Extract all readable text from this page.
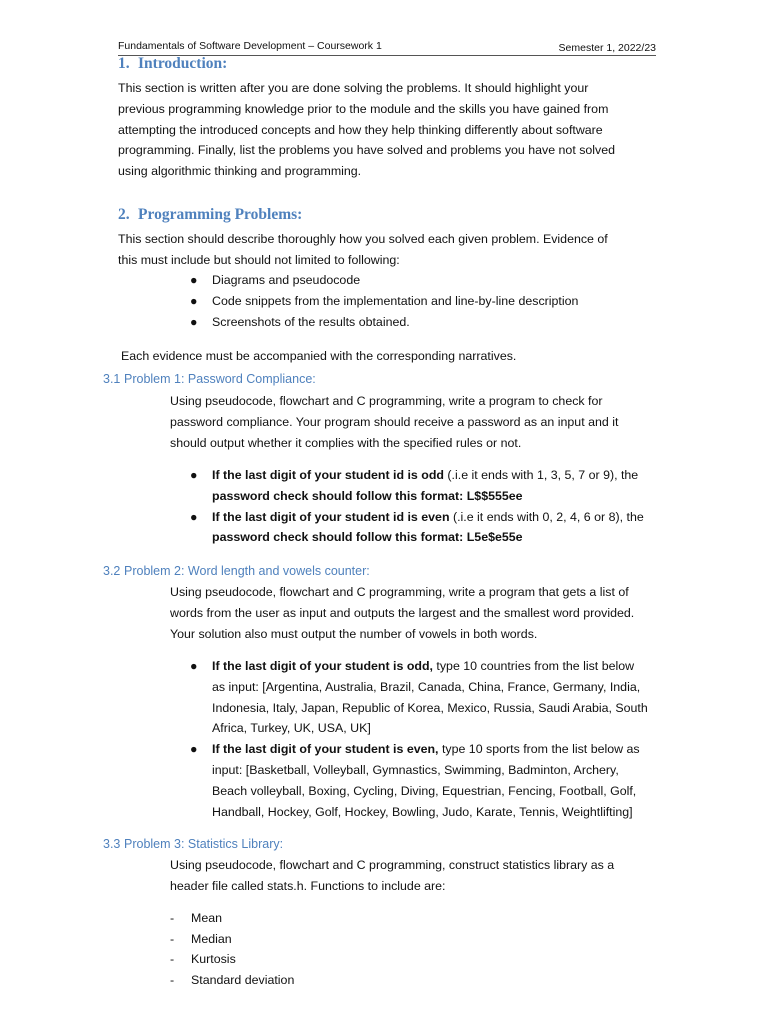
Fundamentals of Software Development – Coursework 1	Semester 1, 2022/23
1. Introduction:
This section is written after you are done solving the problems. It should highlight your
previous programming knowledge prior to the module and the skills you have gained from
attempting the introduced concepts and how they help thinking differently about software
programming. Finally, list the problems you have solved and problems you have not solved
using algorithmic thinking and programming.
2. Programming Problems:
This section should describe thoroughly how you solved each given problem. Evidence of
this must include but should not limited to following:
● Diagrams and pseudocode
● Code snippets from the implementation and line-by-line description
● Screenshots of the results obtained.
Each evidence must be accompanied with the corresponding narratives.
3.1 Problem 1: Password Compliance:
Using pseudocode, flowchart and C programming, write a program to check for
password compliance. Your program should receive a password as an input and it
should output whether it complies with the specified rules or not.
● If the last digit of your student id is odd (.i.e it ends with 1, 3, 5, 7 or 9), the
password check should follow this format: L$$555ee
● If the last digit of your student id is even (.i.e it ends with 0, 2, 4, 6 or 8), the
password check should follow this format: L5e$e55e
3.2 Problem 2: Word length and vowels counter:
Using pseudocode, flowchart and C programming, write a program that gets a list of
words from the user as input and outputs the largest and the smallest word provided.
Your solution also must output the number of vowels in both words.
● If the last digit of your student is odd, type 10 countries from the list below
as input: [Argentina, Australia, Brazil, Canada, China, France, Germany, India,
Indonesia, Italy, Japan, Republic of Korea, Mexico, Russia, Saudi Arabia, South
Africa, Turkey, UK, USA, UK]
● If the last digit of your student is even, type 10 sports from the list below as
input: [Basketball, Volleyball, Gymnastics, Swimming, Badminton, Archery,
Beach volleyball, Boxing, Cycling, Diving, Equestrian, Fencing, Football, Golf,
Handball, Hockey, Golf, Hockey, Bowling, Judo, Karate, Tennis, Weightlifting]
3.3 Problem 3: Statistics Library:
Using pseudocode, flowchart and C programming, construct statistics library as a
header file called stats.h. Functions to include are:
- Mean
- Median
- Kurtosis
- Standard deviation
